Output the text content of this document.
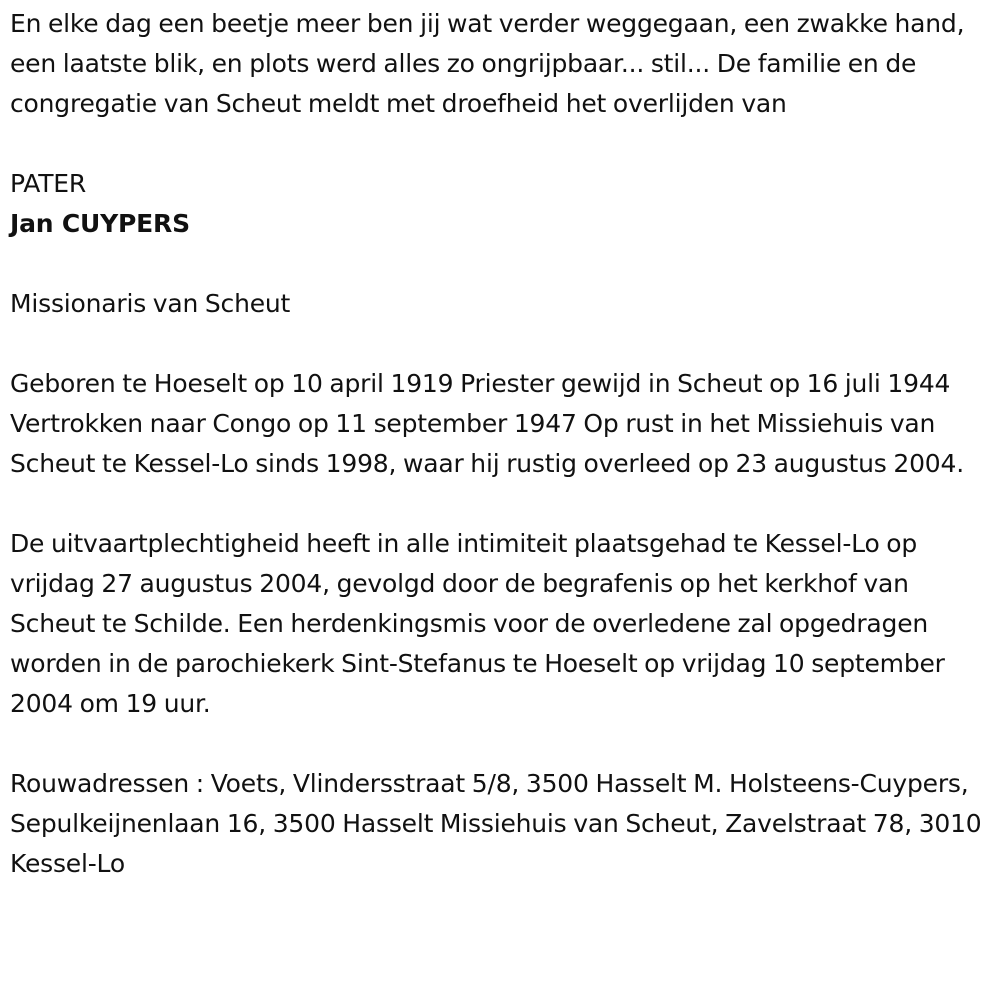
En elke dag een beetje meer ben jij wat verder weggegaan, een zwakke hand, een laatste blik, en plots werd alles zo ongrijpbaar... stil... De familie en de congregatie van Scheut meldt met droefheid het overlijden van

PATER

Jan CUYPERS

Missionaris van Scheut

Geboren te Hoeselt op 10 april 1919 Priester gewijd in Scheut op 16 juli 1944 Vertrokken naar Congo op 11 september 1947 Op rust in het Missiehuis van Scheut te Kessel-Lo sinds 1998, waar hij rustig overleed op 23 augustus 2004.

De uitvaartplechtigheid heeft in alle intimiteit plaatsgehad te Kessel-Lo op vrijdag 27 augustus 2004, gevolgd door de begrafenis op het kerkhof van Scheut te Schilde. Een herdenkingsmis voor de overledene zal opgedragen worden in de parochiekerk Sint-Stefanus te Hoeselt op vrijdag 10 september 2004 om 19 uur.

Rouwadressen : Voets, Vlindersstraat 5/8, 3500 Hasselt M. Holsteens-Cuypers, Sepulkeijnenlaan 16, 3500 Hasselt Missiehuis van Scheut, Zavelstraat 78, 3010 Kessel-Lo
